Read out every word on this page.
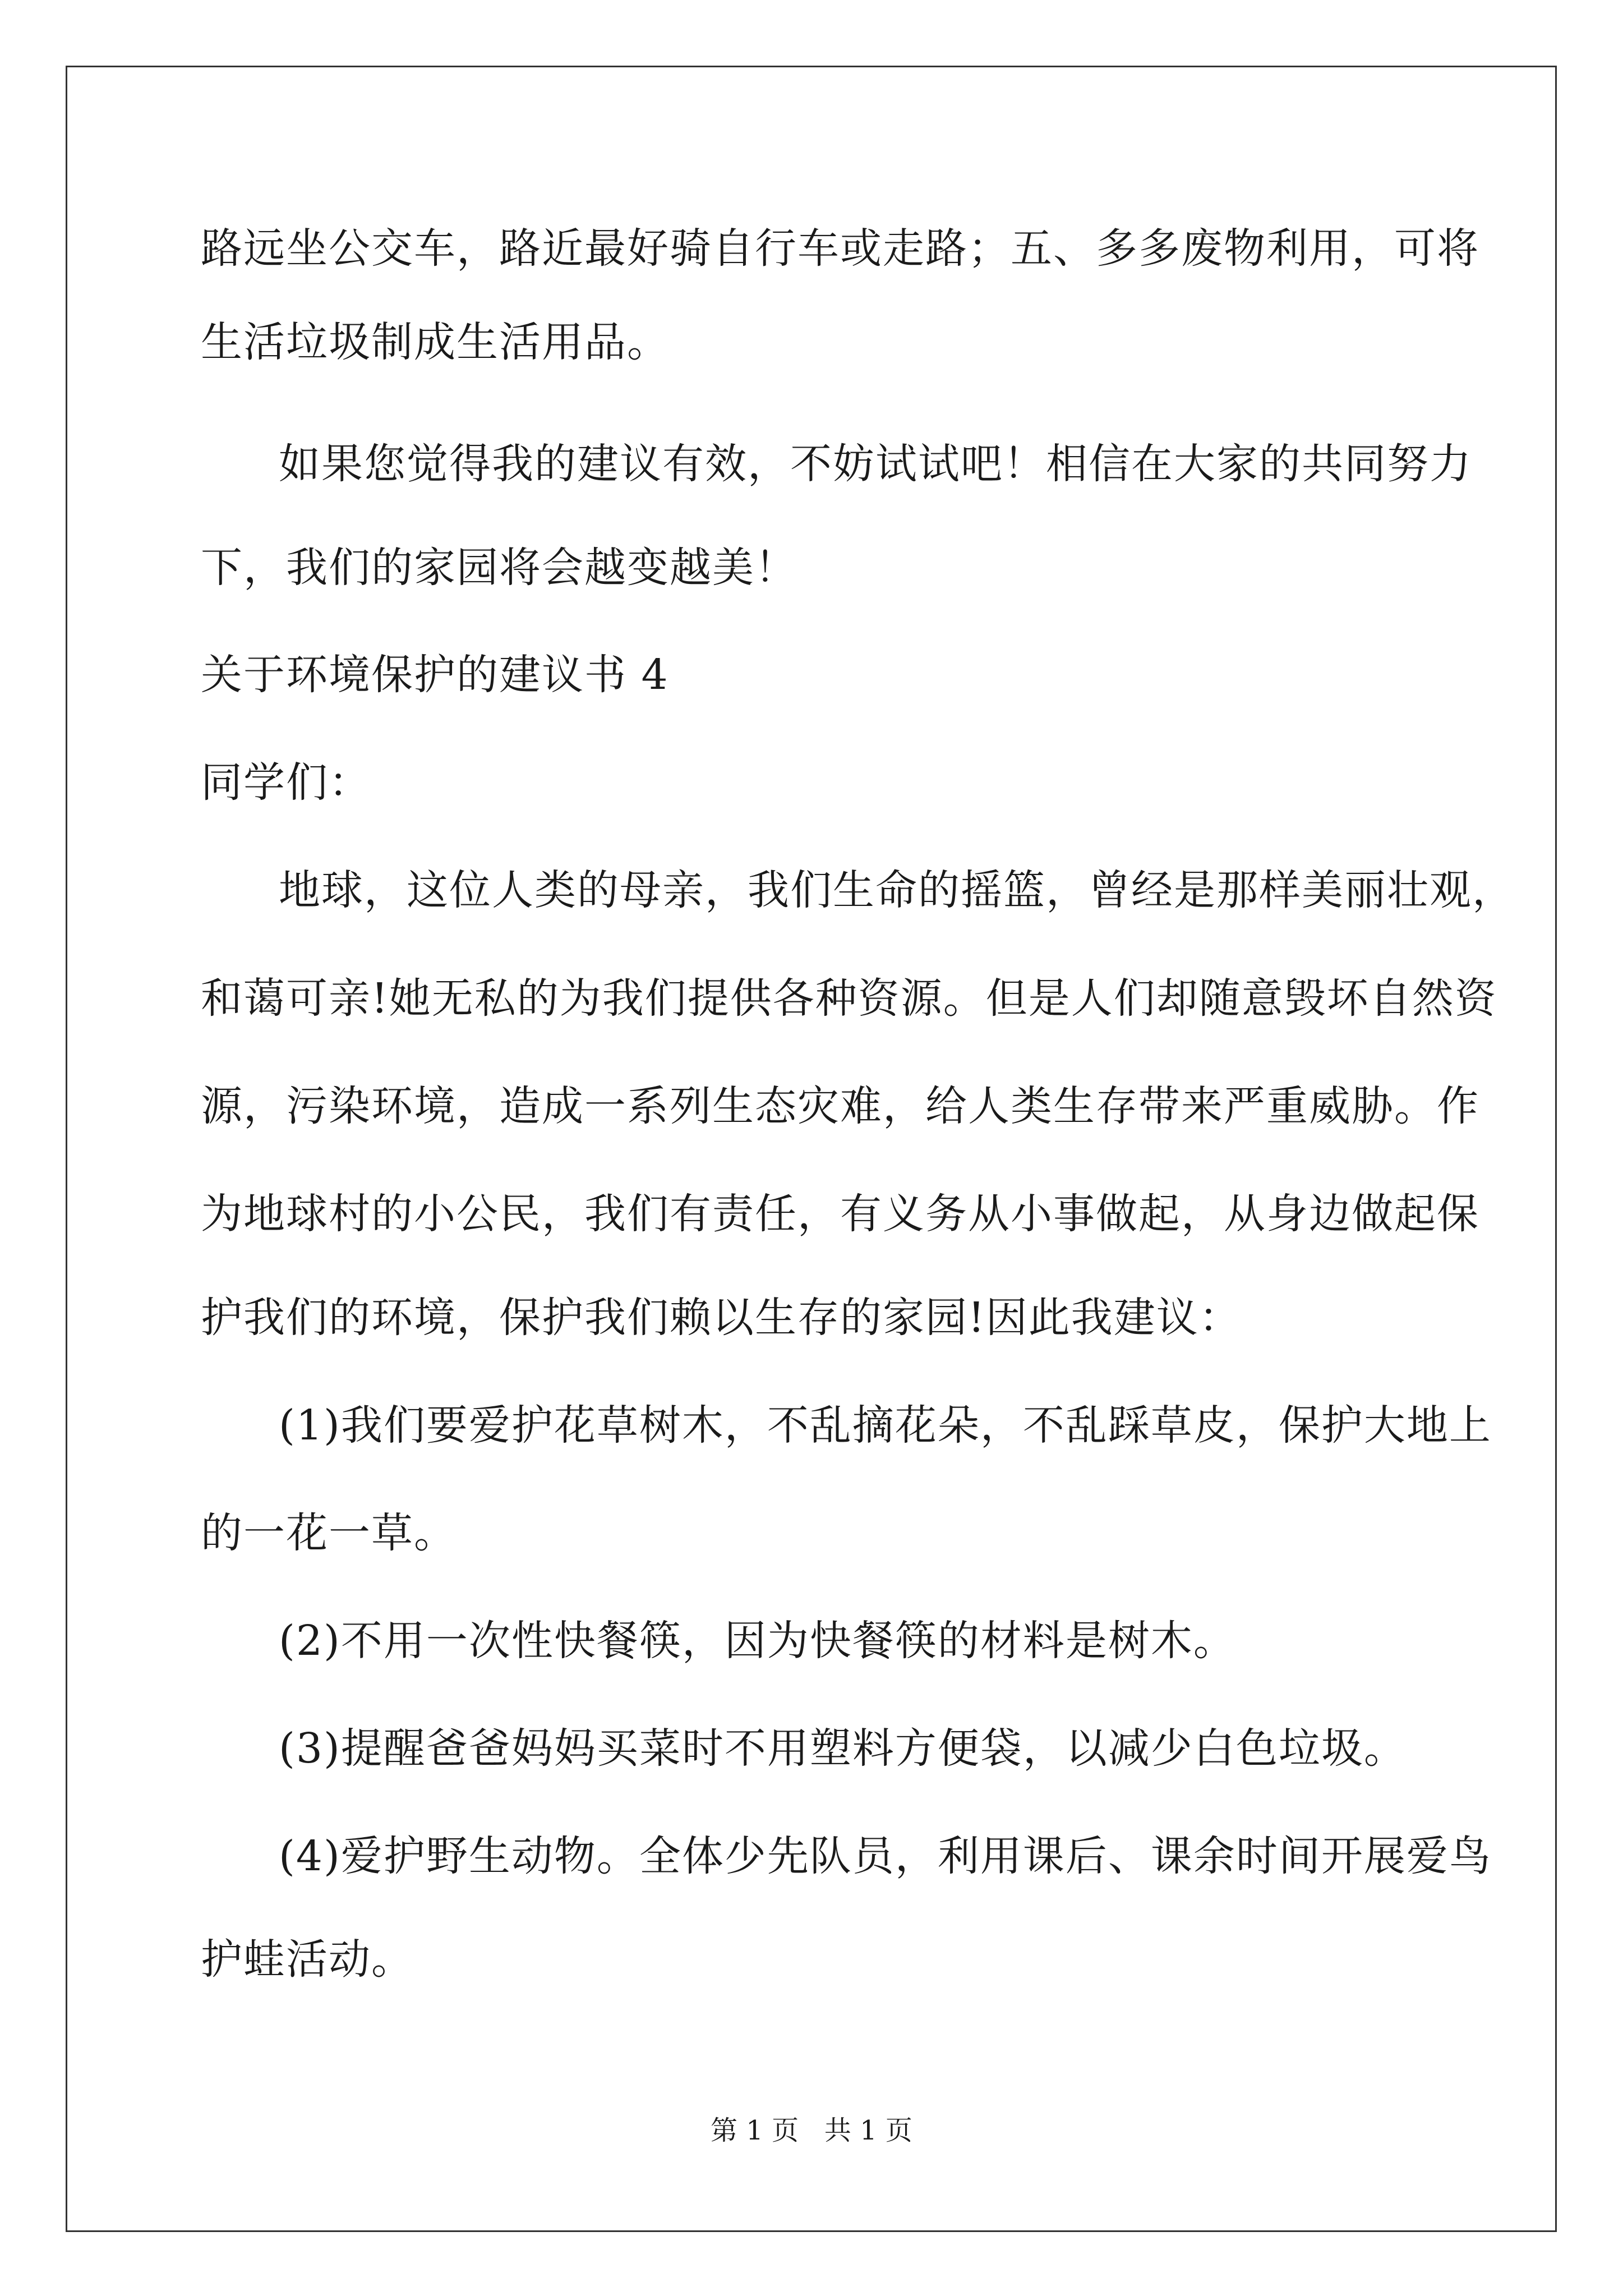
路远坐公交车，路近最好骑自行车或走路；五、多多废物利用，可将
生活垃圾制成生活用品。
如果您觉得我的建议有效，不妨试试吧！相信在大家的共同努力
下，我们的家园将会越变越美！
关于环境保护的建议书 4
同学们：
地球，这位人类的母亲，我们生命的摇篮，曾经是那样美丽壮观，
和蔼可亲!她无私的为我们提供各种资源。但是人们却随意毁坏自然资
源，污染环境，造成一系列生态灾难，给人类生存带来严重威胁。作
为地球村的小公民，我们有责任，有义务从小事做起，从身边做起保
护我们的环境，保护我们赖以生存的家园!因此我建议：
(1)我们要爱护花草树木，不乱摘花朵，不乱踩草皮，保护大地上
的一花一草。
(2)不用一次性快餐筷，因为快餐筷的材料是树木。
(3)提醒爸爸妈妈买菜时不用塑料方便袋，以减少白色垃圾。
(4)爱护野生动物。全体少先队员，利用课后、课余时间开展爱鸟
护蛙活动。
第 1 页   共 1 页
